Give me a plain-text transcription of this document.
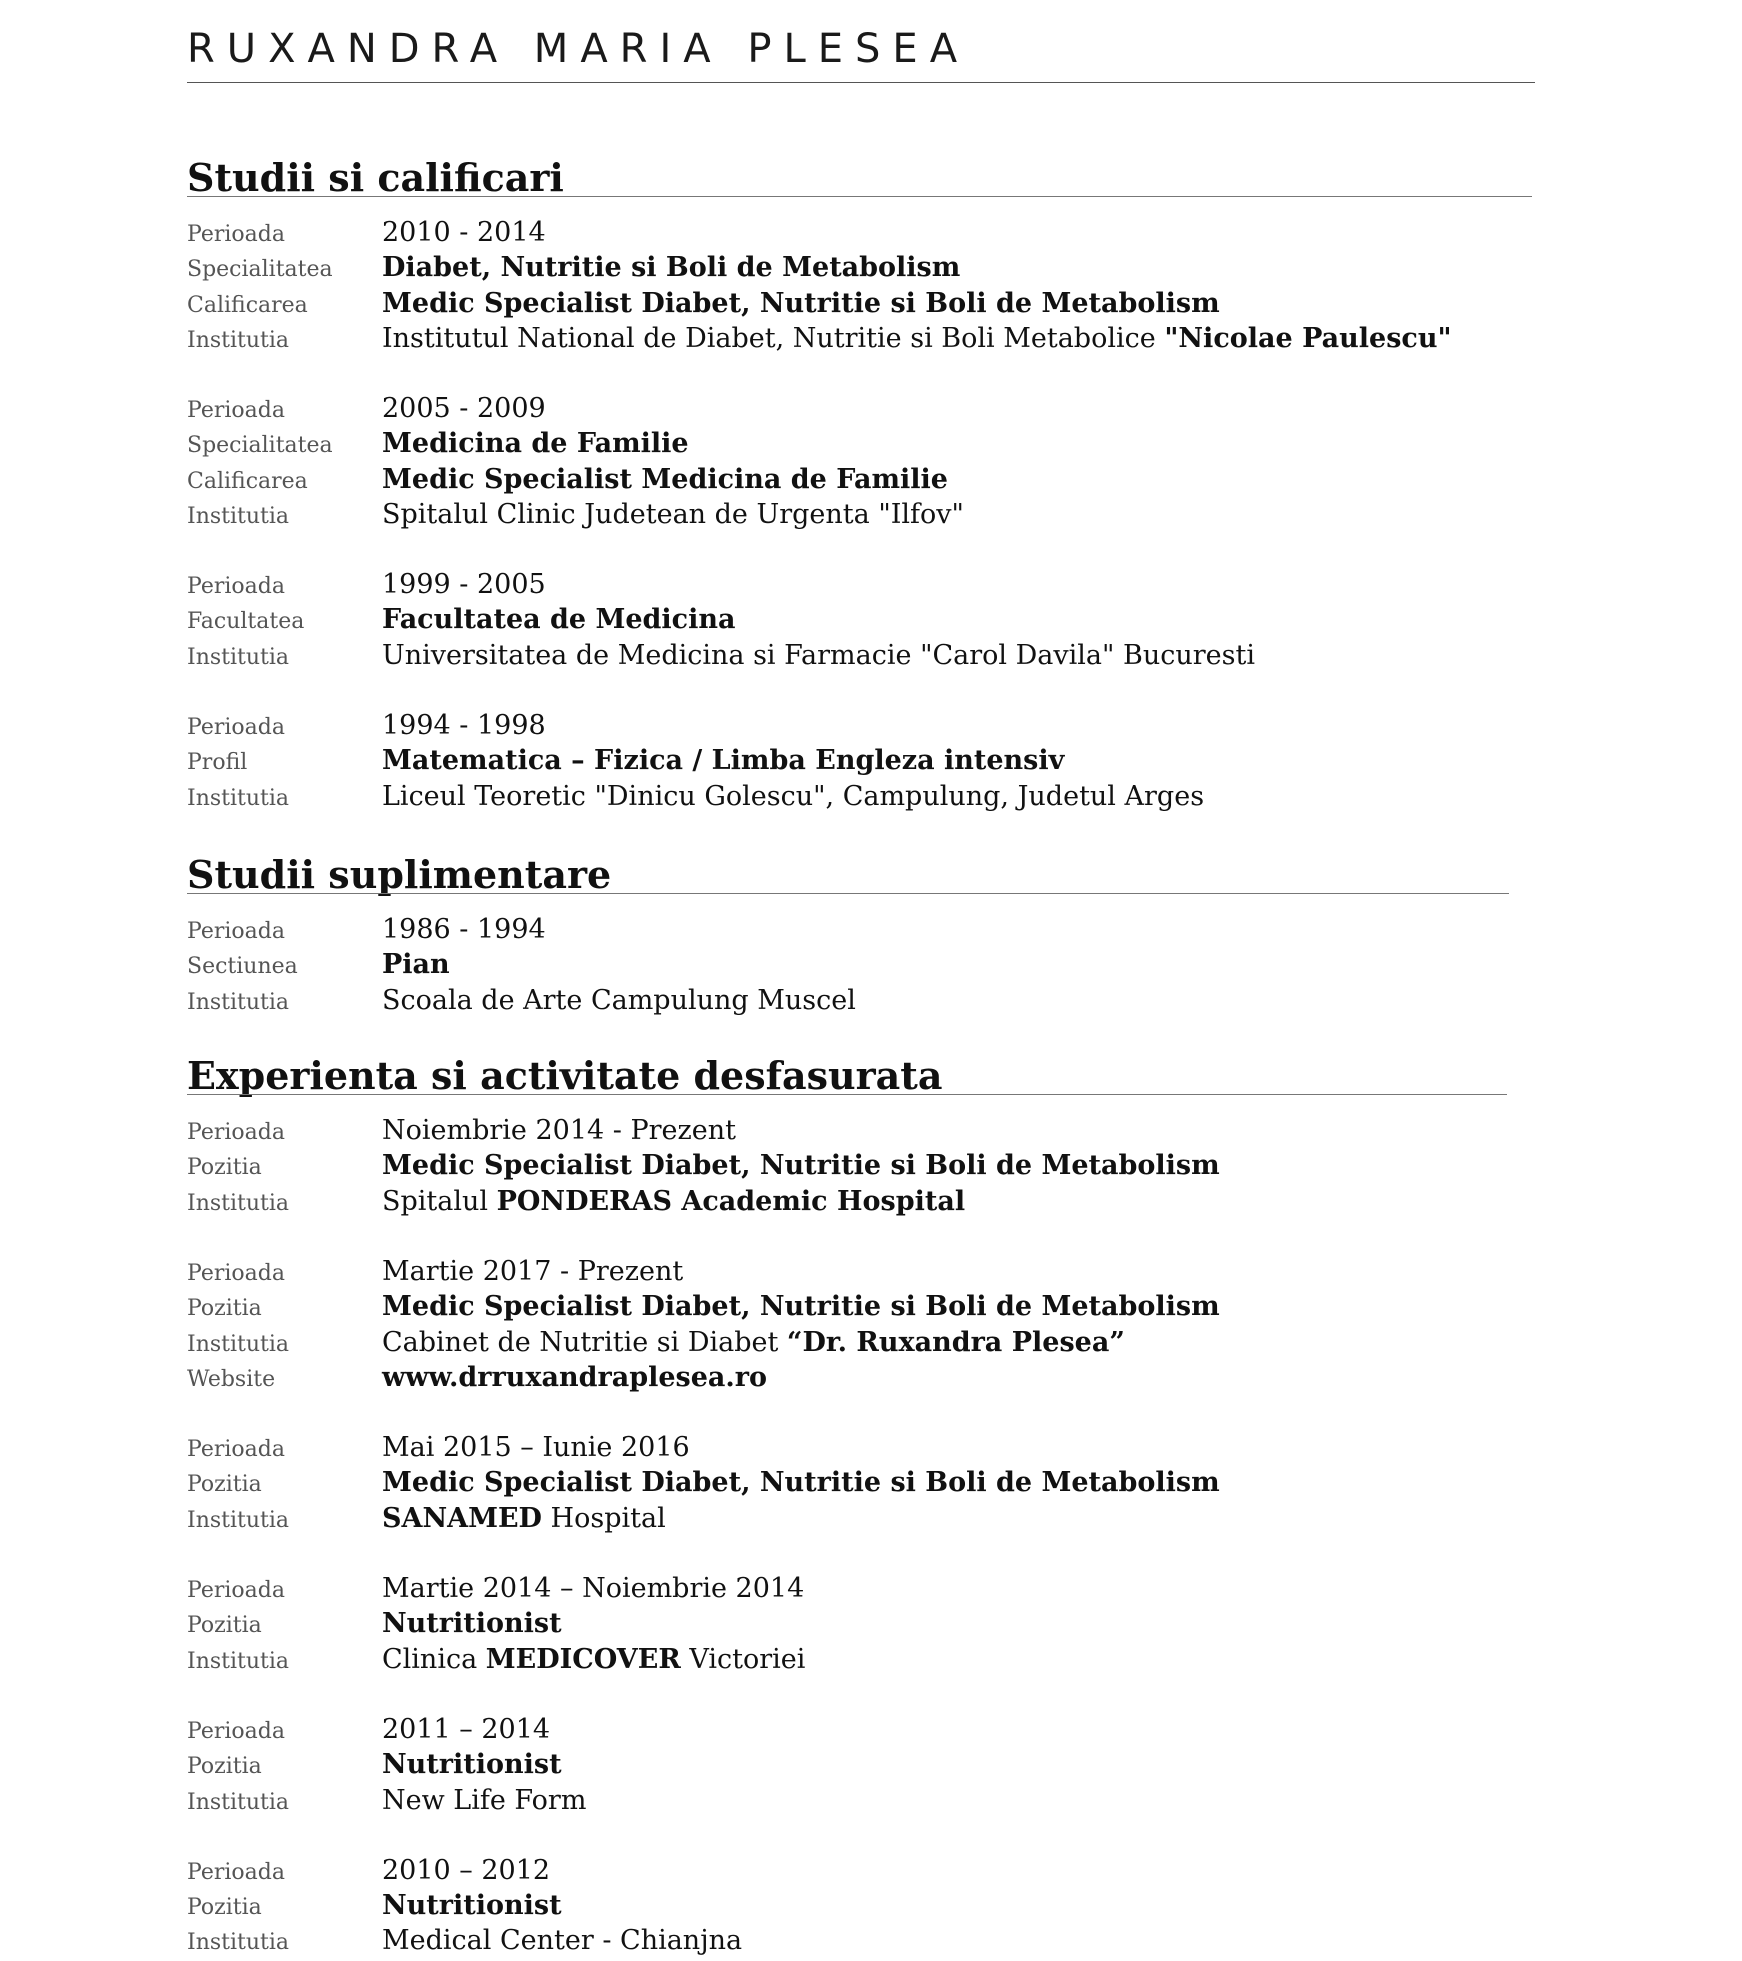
RUXANDRA MARIA PLESEA
Studii si calificari
Perioada	2010 - 2014
Specialitatea Diabet, Nutritie si Boli de Metabolism
Calificarea	Medic Specialist Diabet, Nutritie si Boli de Metabolism
Institutia	Institutul National de Diabet, Nutritie si Boli Metabolice "Nicolae Paulescu"
Perioada	2005 - 2009
Specialitatea Medicina de Familie
Calificarea	Medic Specialist Medicina de Familie
Institutia	Spitalul Clinic Judetean de Urgenta "Ilfov"
Perioada	1999 - 2005
Facultatea	Facultatea de Medicina
Institutia	Universitatea de Medicina si Farmacie "Carol Davila" Bucuresti
Perioada	1994 - 1998
Profil	Matematica – Fizica / Limba Engleza intensiv
Institutia	Liceul Teoretic "Dinicu Golescu", Campulung, Judetul Arges
Studii suplimentare
Perioada	1986 - 1994
Sectiunea	Pian
Institutia	Scoala de Arte Campulung Muscel
Experienta si activitate desfasurata
Perioada	Noiembrie 2014 - Prezent
Pozitia	Medic Specialist Diabet, Nutritie si Boli de Metabolism
Institutia	Spitalul PONDERAS Academic Hospital
Perioada	Martie 2017 - Prezent
Pozitia	Medic Specialist Diabet, Nutritie si Boli de Metabolism
Institutia	Cabinet de Nutritie si Diabet “Dr. Ruxandra Plesea”
Website	www.drruxandraplesea.ro
Perioada	Mai 2015 – Iunie 2016
Pozitia	Medic Specialist Diabet, Nutritie si Boli de Metabolism
Institutia	SANAMED Hospital
Perioada	Martie 2014 – Noiembrie 2014
Pozitia	Nutritionist
Institutia	Clinica MEDICOVER Victoriei
Perioada	2011 – 2014
Pozitia	Nutritionist
Institutia	New Life Form
Perioada	2010 – 2012
Pozitia	Nutritionist
Institutia	Medical Center - Chianjna
